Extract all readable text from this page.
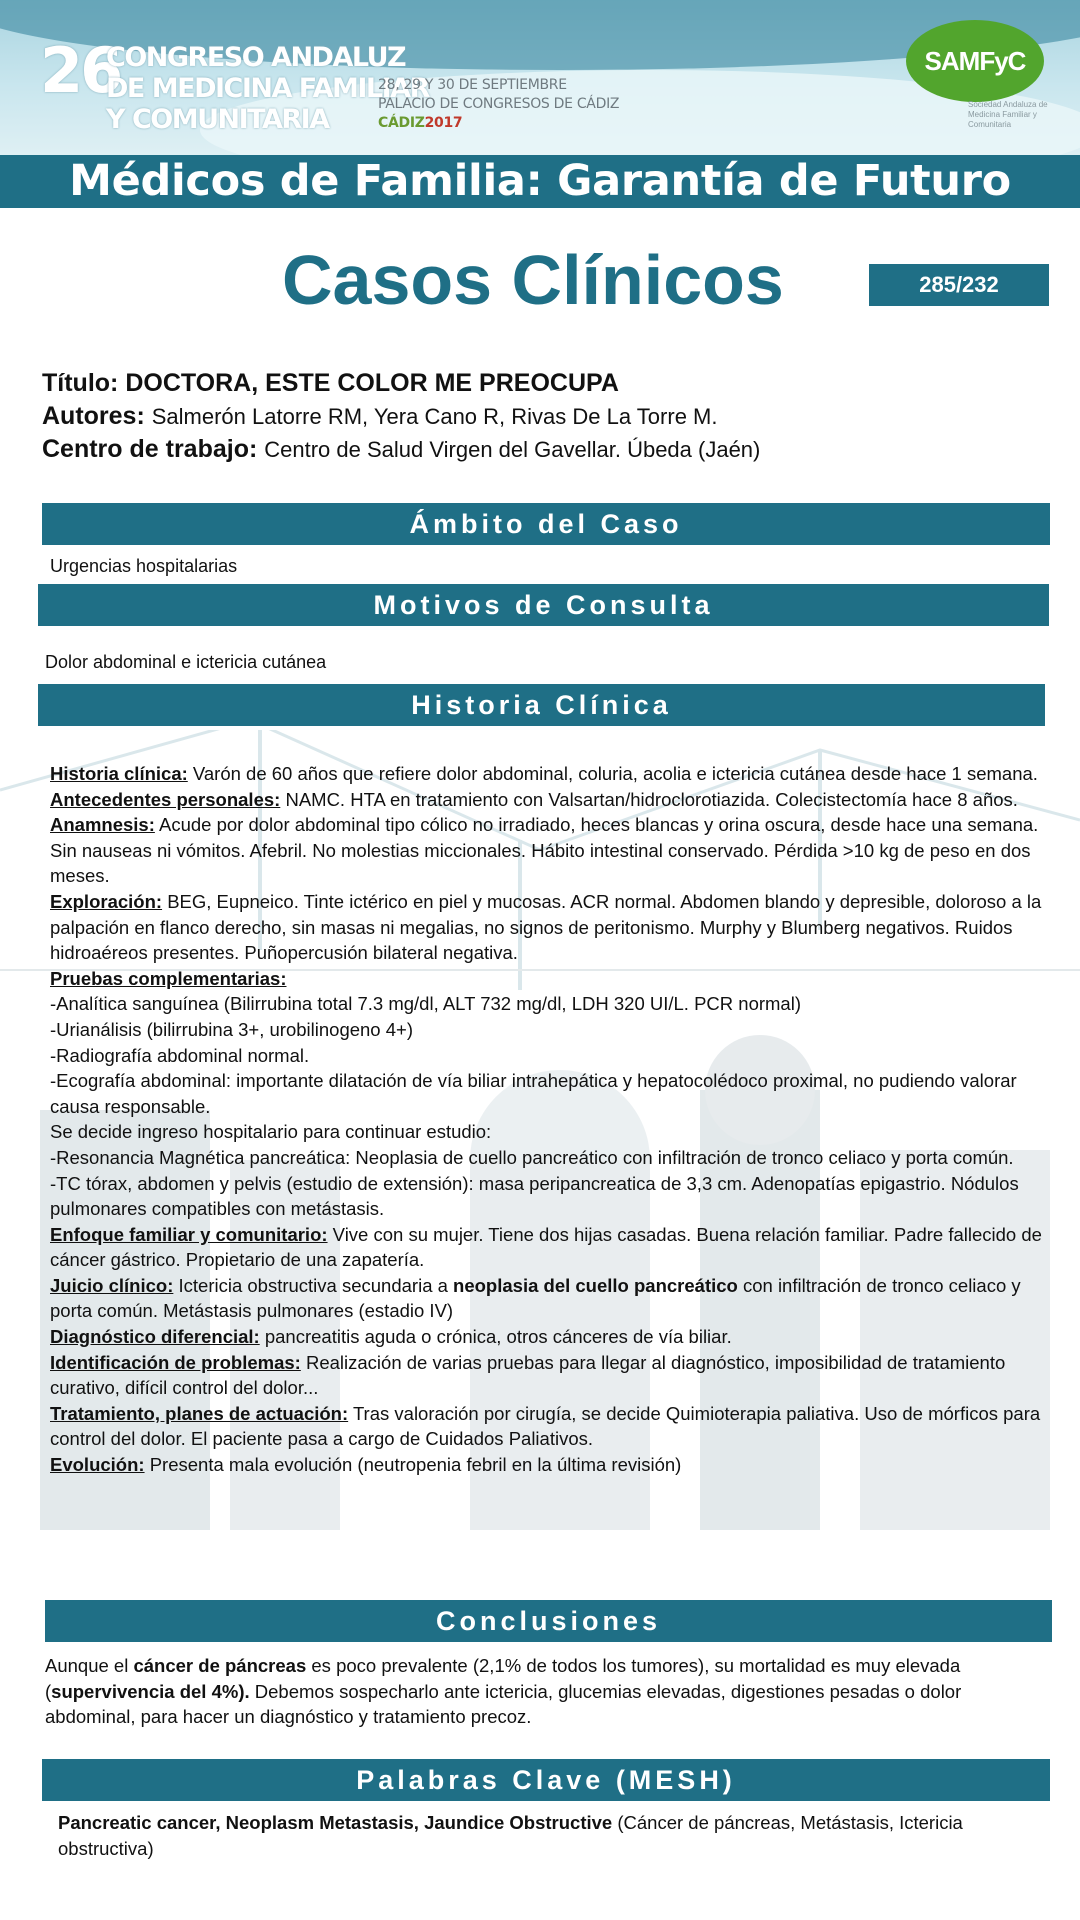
26
CONGRESO ANDALUZ
DE MEDICINA FAMILIAR
Y COMUNITARIA
28, 29 Y 30 DE SEPTIEMBRE
PALACIO DE CONGRESOS DE CÁDIZ
CÁDIZ2017
SAMFyC
Sociedad Andaluza de Medicina Familiar y Comunitaria
Médicos de Familia: Garantía de Futuro
Casos Clínicos	285/232
Título: DOCTORA, ESTE COLOR ME PREOCUPA
Autores: Salmerón Latorre RM, Yera Cano R, Rivas De La Torre M.
Centro de trabajo: Centro de Salud Virgen del Gavellar. Úbeda (Jaén)
Ámbito del Caso
Urgencias hospitalarias
Motivos de Consulta
Dolor abdominal e ictericia cutánea
Historia Clínica

Historia clínica: Varón de 60 años que refiere dolor abdominal, coluria, acolia e ictericia cutánea desde hace 1 semana.

Antecedentes personales: NAMC. HTA en tratamiento con Valsartan/hidroclorotiazida. Colecistectomía hace 8 años.

Anamnesis: Acude por dolor abdominal tipo cólico no irradiado, heces blancas y orina oscura, desde hace una semana. Sin nauseas ni vómitos. Afebril. No molestias miccionales. Hábito intestinal conservado. Pérdida >10 kg de peso en dos meses.

Exploración: BEG, Eupneico. Tinte ictérico en piel y mucosas. ACR normal. Abdomen blando y depresible, doloroso a la palpación en flanco derecho, sin masas ni megalias, no signos de peritonismo. Murphy y Blumberg negativos. Ruidos hidroaéreos presentes. Puñopercusión bilateral negativa.

Pruebas complementarias:

-Analítica sanguínea (Bilirrubina total 7.3 mg/dl, ALT 732 mg/dl, LDH 320 UI/L. PCR normal)

-Urianálisis (bilirrubina 3+, urobilinogeno 4+)

-Radiografía abdominal normal.

-Ecografía abdominal: importante dilatación de vía biliar intrahepática y hepatocolédoco proximal, no pudiendo valorar causa responsable.

Se decide ingreso hospitalario para continuar estudio:

-Resonancia Magnética pancreática: Neoplasia de cuello pancreático con infiltración de tronco celiaco y porta común.

-TC tórax, abdomen y pelvis (estudio de extensión): masa peripancreatica de 3,3 cm. Adenopatías epigastrio. Nódulos pulmonares compatibles con metástasis.

Enfoque familiar y comunitario: Vive con su mujer. Tiene dos hijas casadas. Buena relación familiar. Padre fallecido de cáncer gástrico. Propietario de una zapatería.

Juicio clínico: Ictericia obstructiva secundaria a neoplasia del cuello pancreático con infiltración de tronco celiaco y porta común. Metástasis pulmonares (estadio IV)

Diagnóstico diferencial: pancreatitis aguda o crónica, otros cánceres de vía biliar.

Identificación de problemas: Realización de varias pruebas para llegar al diagnóstico, imposibilidad de tratamiento curativo, difícil control del dolor...

Tratamiento, planes de actuación: Tras valoración por cirugía, se decide Quimioterapia paliativa. Uso de mórficos para control del dolor. El paciente pasa a cargo de Cuidados Paliativos.

Evolución: Presenta mala evolución (neutropenia febril en la última revisión)

Conclusiones
Aunque el cáncer de páncreas es poco prevalente (2,1% de todos los tumores), su mortalidad es muy elevada (supervivencia del 4%). Debemos sospecharlo ante ictericia, glucemias elevadas, digestiones pesadas o dolor abdominal, para hacer un diagnóstico y tratamiento precoz.
Palabras Clave (MESH)
Pancreatic cancer, Neoplasm Metastasis, Jaundice Obstructive (Cáncer de páncreas, Metástasis, Ictericia obstructiva)
